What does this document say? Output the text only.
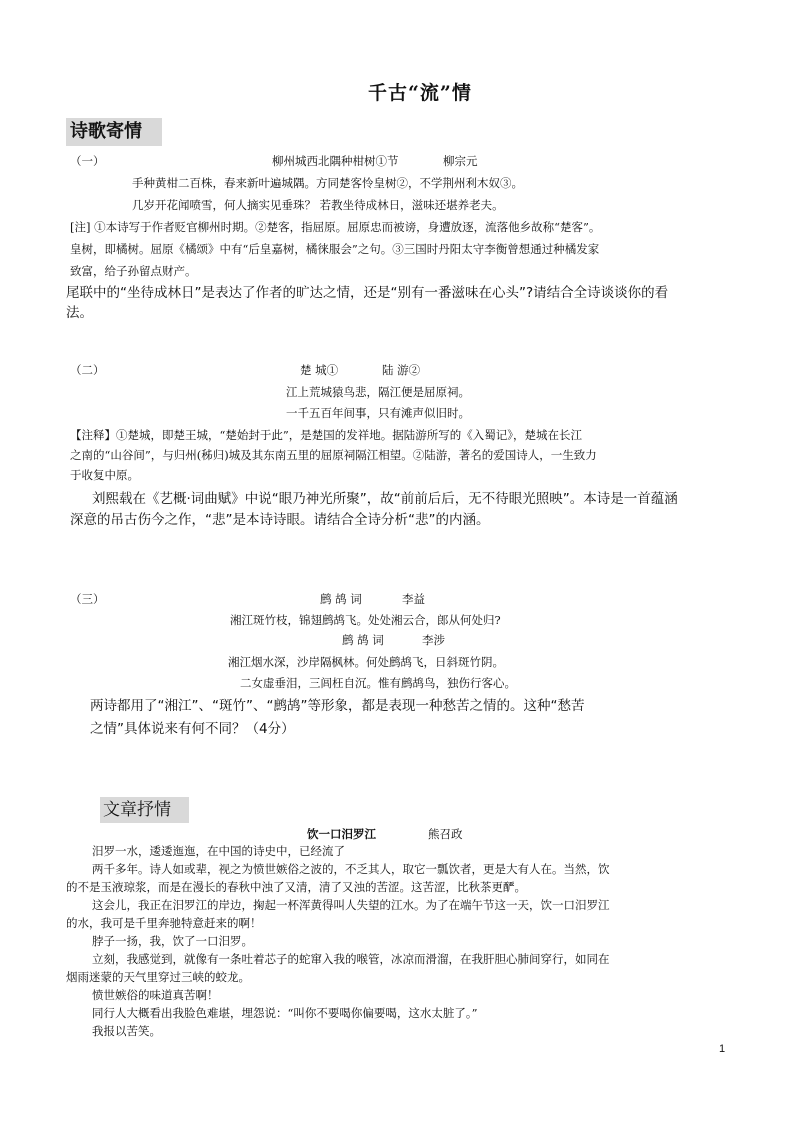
千古“流”情
诗歌寄情
（一）	柳州城西北隅种柑树①节	柳宗元
手种黄柑二百株，春来新叶遍城隅。方同楚客怜皇树②，不学荆州利木奴③。
几岁开花闻喷雪，何人摘实见垂珠？ 若教坐待成林日，滋味还堪养老夫。
[注] ①本诗写于作者贬官柳州时期。②楚客，指屈原。屈原忠而被谤，身遭放逐，流落他乡故称“楚客”。
皇树，即橘树。屈原《橘颂》中有“后皇嘉树，橘徕服会”之句。③三国时丹阳太守李衡曾想通过种橘发家
致富，给子孙留点财产。
尾联中的“坐待成林日”是表达了作者的旷达之情，还是“别有一番滋味在心头”?请结合全诗谈谈你的看
法。
（二）	楚 城①	陆 游②
江上荒城猿鸟悲，隔江便是屈原祠。
一千五百年间事，只有滩声似旧时。
【注释】①楚城，即楚王城，“楚始封于此”，是楚国的发祥地。据陆游所写的《入蜀记》，楚城在长江
之南的“山谷间”，与归州(秭归)城及其东南五里的屈原祠隔江相望。②陆游，著名的爱国诗人，一生致力
于收复中原。
刘熙载在《艺概·词曲赋》中说“眼乃神光所聚”，故“前前后后，无不待眼光照映”。本诗是一首蕴涵
深意的吊古伤今之作，“悲”是本诗诗眼。请结合全诗分析“悲”的内涵。
（三）	鹧 鸪 词	李益
湘江斑竹枝，锦翅鹧鸪飞。处处湘云合，郎从何处归?
鹧 鸪 词	李涉
湘江烟水深，沙岸隔枫林。何处鹧鸪飞，日斜斑竹阴。
二女虚垂泪，三闾枉自沉。惟有鹧鸪鸟，独伤行客心。
两诗都用了“湘江”、“斑竹”、“鹧鸪”等形象，都是表现一种愁苦之情的。这种“愁苦
之情”具体说来有何不同？（4分）
文章抒情
饮一口汨罗江	熊召政
汨罗一水，逶逶迤迤，在中国的诗史中，已经流了
两千多年。诗人如或辈，视之为愤世嫉俗之波的，不乏其人，取它一瓢饮者，更是大有人在。当然，饮
的不是玉液琼浆，而是在漫长的春秋中浊了又清，清了又浊的苦涩。这苦涩，比秋茶更酽。
这会儿，我正在汨罗江的岸边，掬起一杯浑黄得叫人失望的江水。为了在端午节这一天，饮一口汨罗江
的水，我可是千里奔驰特意赶来的啊！
脖子一扬，我，饮了一口汨罗。
立刻，我感觉到，就像有一条吐着芯子的蛇窜入我的喉管，冰凉而滑溜，在我肝胆心肺间穿行，如同在
烟雨迷蒙的天气里穿过三峡的蛟龙。
愤世嫉俗的味道真苦啊！
同行人大概看出我脸色难堪，埋怨说：“叫你不要喝你偏要喝，这水太脏了。”
我报以苦笑。
1
